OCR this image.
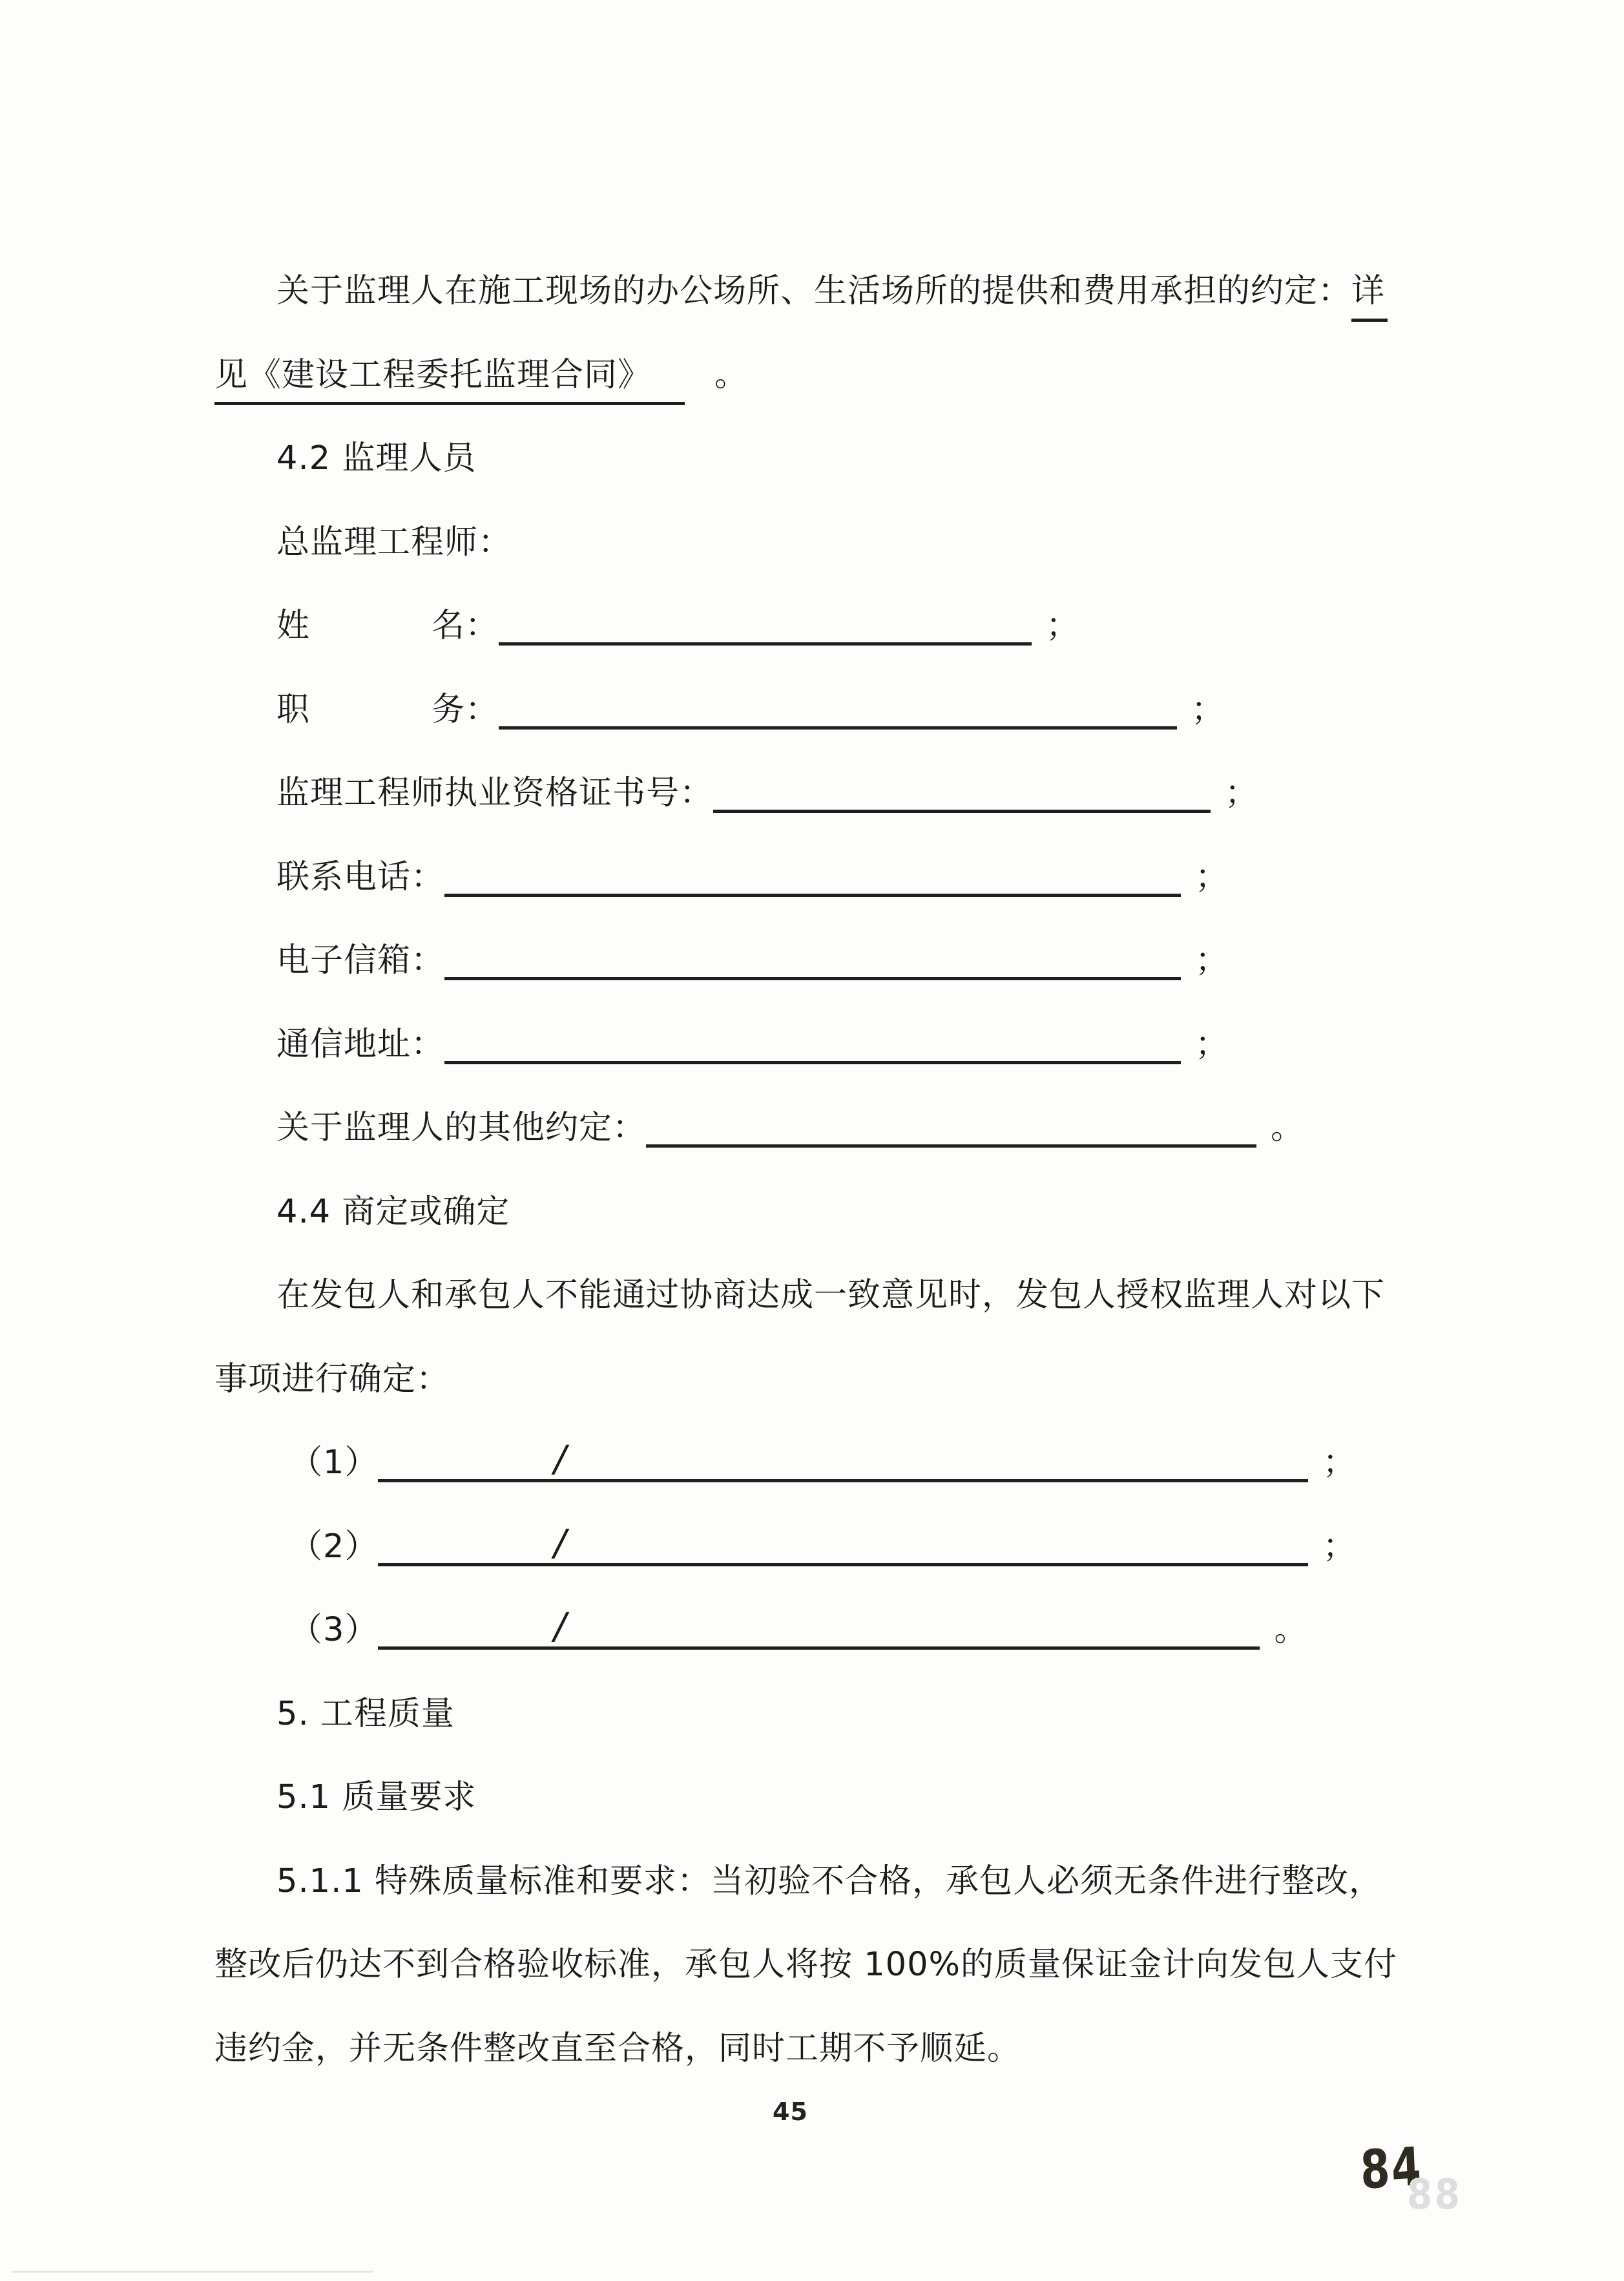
关于监理人在施工现场的办公场所、生活场所的提供和费用承担的约定：详
见《建设工程委托监理合同》 。
4.2 监理人员
总监理工程师：
姓	名：	；
职	务：	；
监理工程师执业资格证书号：	；
联系电话：	；
电子信箱：	；
通信地址：	；
关于监理人的其他约定：	。
4.4 商定或确定
在发包人和承包人不能通过协商达成一致意见时，发包人授权监理人对以下
事项进行确定：
（1）	/	；
（2）	/	；
（3）	/	。
5. 工程质量
5.1 质量要求
5.1.1 特殊质量标准和要求：当初验不合格，承包人必须无条件进行整改，
整改后仍达不到合格验收标准，承包人将按 100%的质量保证金计向发包人支付
违约金，并无条件整改直至合格，同时工期不予顺延。
45
84
88
